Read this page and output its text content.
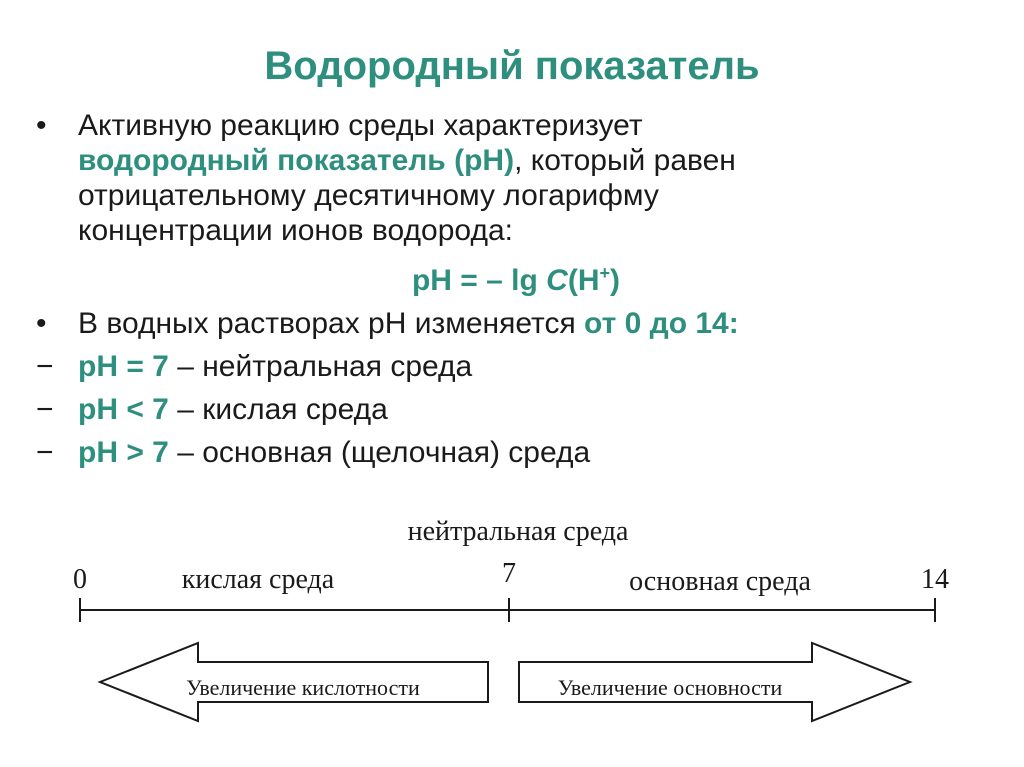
Водородный показатель
•	Активную реакцию среды характеризует
водородный показатель (рН), который равен
отрицательному десятичному логарифму
концентрации ионов водорода:
рН = – lg C(H+)
•	В водных растворах рН изменяется от 0 до 14:
− рН = 7 – нейтральная среда
− рН < 7 – кислая среда
− рН > 7 – основная (щелочная) среда
нейтральная среда
0	7	14
кислая среда	основная среда
Увеличение кислотности	Увеличение основности
